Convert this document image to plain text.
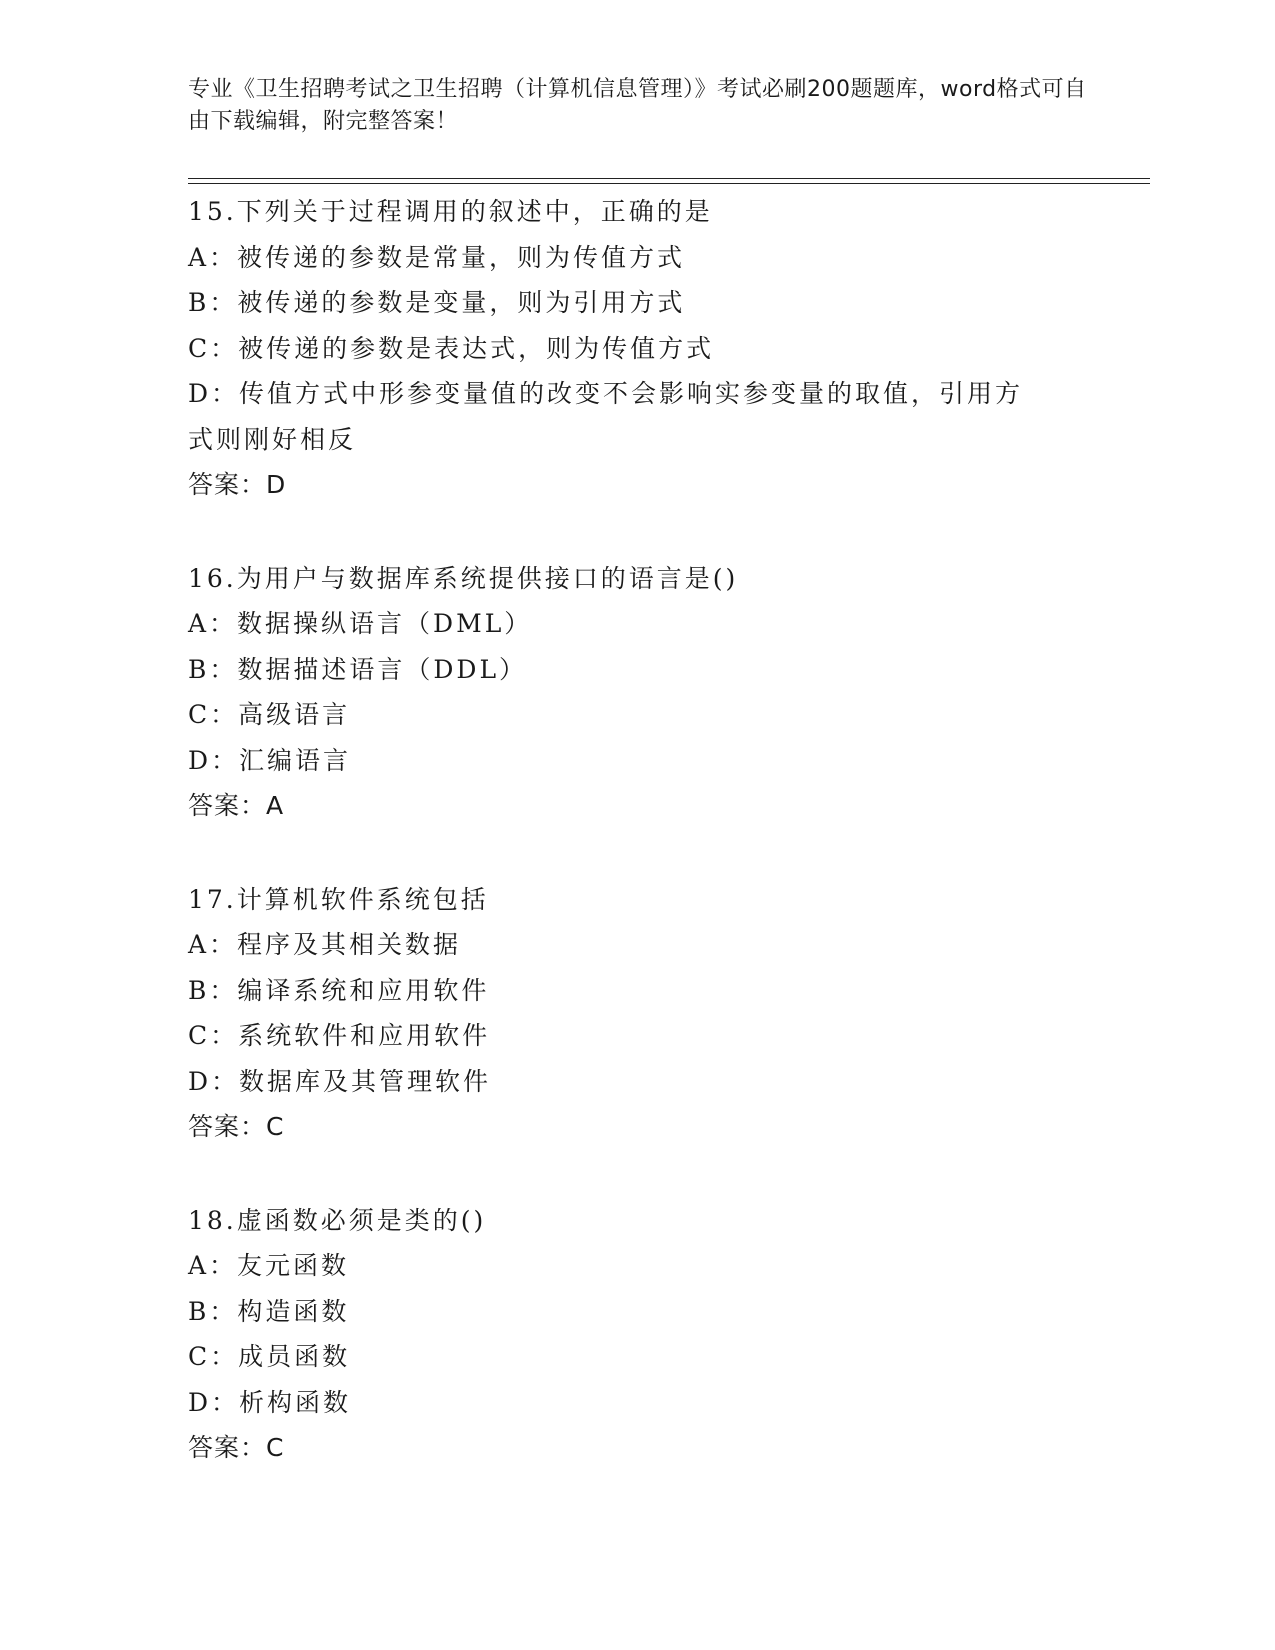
专业《卫生招聘考试之卫生招聘（计算机信息管理）》考试必刷200题题库，word格式可自由下载编辑，附完整答案！
15.下列关于过程调用的叙述中，正确的是
A：被传递的参数是常量，则为传值方式
B：被传递的参数是变量，则为引用方式
C：被传递的参数是表达式，则为传值方式
D：传值方式中形参变量值的改变不会影响实参变量的取值，引用方式则刚好相反
答案：D
16.为用户与数据库系统提供接口的语言是()
A：数据操纵语言（DML）
B：数据描述语言（DDL）
C：高级语言
D：汇编语言
答案：A
17.计算机软件系统包括
A：程序及其相关数据
B：编译系统和应用软件
C：系统软件和应用软件
D：数据库及其管理软件
答案：C
18.虚函数必须是类的()
A：友元函数
B：构造函数
C：成员函数
D：析构函数
答案：C
